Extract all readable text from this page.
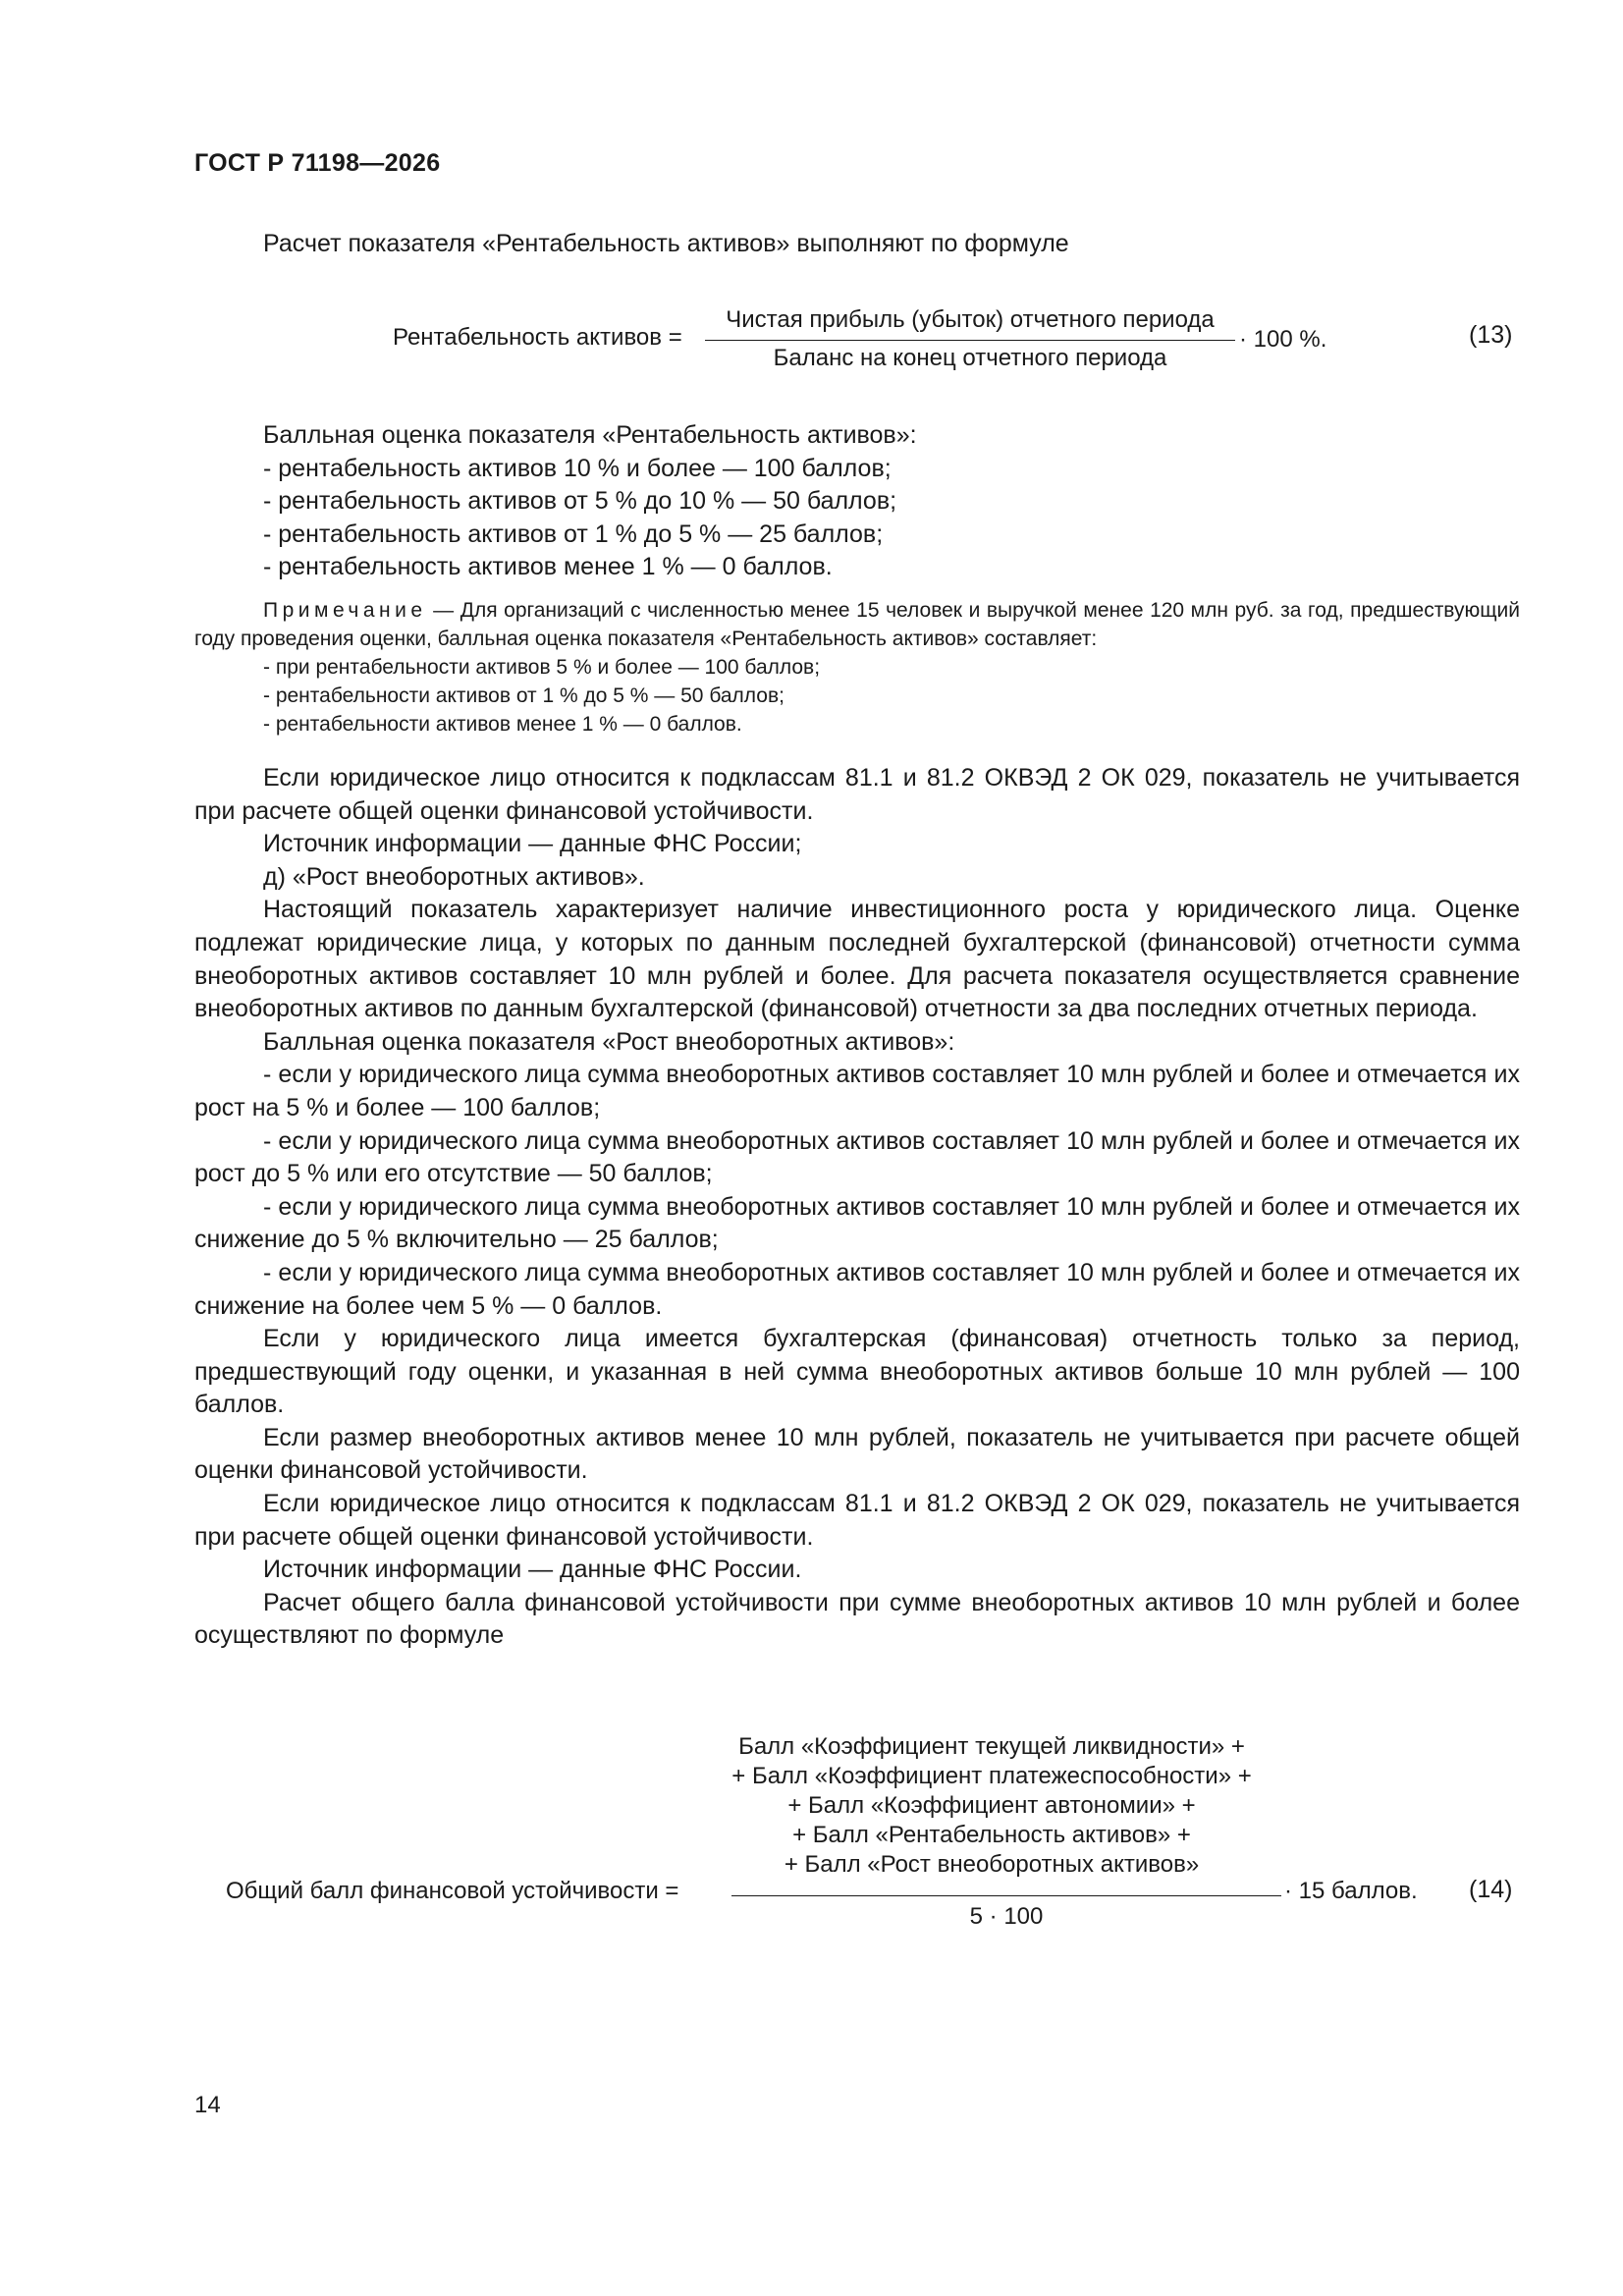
ГОСТ Р 71198—2026

Расчет показателя «Рентабельность активов» выполняют по формуле

Рентабельность активов =
Чистая прибыль (убыток) отчетного периода
Баланс на конец отчетного периода
· 100 %.	(13)

Балльная оценка показателя «Рентабельность активов»:

- рентабельность активов 10 % и более — 100 баллов;

- рентабельность активов от 5 % до 10 % — 50 баллов;

- рентабельность активов от 1 % до 5 % — 25 баллов;

- рентабельность активов менее 1 % — 0 баллов.

Примечание — Для организаций с численностью менее 15 человек и выручкой менее 120 млн руб. за год, предшествующий году проведения оценки, балльная оценка показателя «Рентабельность активов» составляет:

- при рентабельности активов 5 % и более — 100 баллов;

- рентабельности активов от 1 % до 5 % — 50 баллов;

- рентабельности активов менее 1 % — 0 баллов.

Если юридическое лицо относится к подклассам 81.1 и 81.2 ОКВЭД 2 ОК 029, показатель не учитывается при расчете общей оценки финансовой устойчивости.

Источник информации — данные ФНС России;

д) «Рост внеоборотных активов».

Настоящий показатель характеризует наличие инвестиционного роста у юридического лица. Оценке подлежат юридические лица, у которых по данным последней бухгалтерской (финансовой) отчетности сумма внеоборотных активов составляет 10 млн рублей и более. Для расчета показателя осуществляется сравнение внеоборотных активов по данным бухгалтерской (финансовой) отчетности за два последних отчетных периода.

Балльная оценка показателя «Рост внеоборотных активов»:

- если у юридического лица сумма внеоборотных активов составляет 10 млн рублей и более и отмечается их рост на 5 % и более — 100 баллов;

- если у юридического лица сумма внеоборотных активов составляет 10 млн рублей и более и отмечается их рост до 5 % или его отсутствие — 50 баллов;

- если у юридического лица сумма внеоборотных активов составляет 10 млн рублей и более и отмечается их снижение до 5 % включительно — 25 баллов;

- если у юридического лица сумма внеоборотных активов составляет 10 млн рублей и более и отмечается их снижение на более чем 5 % — 0 баллов.

Если у юридического лица имеется бухгалтерская (финансовая) отчетность только за период, предшествующий году оценки, и указанная в ней сумма внеоборотных активов больше 10 млн рублей — 100 баллов.

Если размер внеоборотных активов менее 10 млн рублей, показатель не учитывается при расчете общей оценки финансовой устойчивости.

Если юридическое лицо относится к подклассам 81.1 и 81.2 ОКВЭД 2 ОК 029, показатель не учитывается при расчете общей оценки финансовой устойчивости.

Источник информации — данные ФНС России.

Расчет общего балла финансовой устойчивости при сумме внеоборотных активов 10 млн рублей и более осуществляют по формуле

Балл «Коэффициент текущей ликвидности» +
+ Балл «Коэффициент платежеспособности» +
+ Балл «Коэффициент автономии» +
+ Балл «Рентабельность активов» +
+ Балл «Рост внеоборотных активов»
Общий балл финансовой устойчивости =
5 · 100
· 15 баллов. (14)
14
